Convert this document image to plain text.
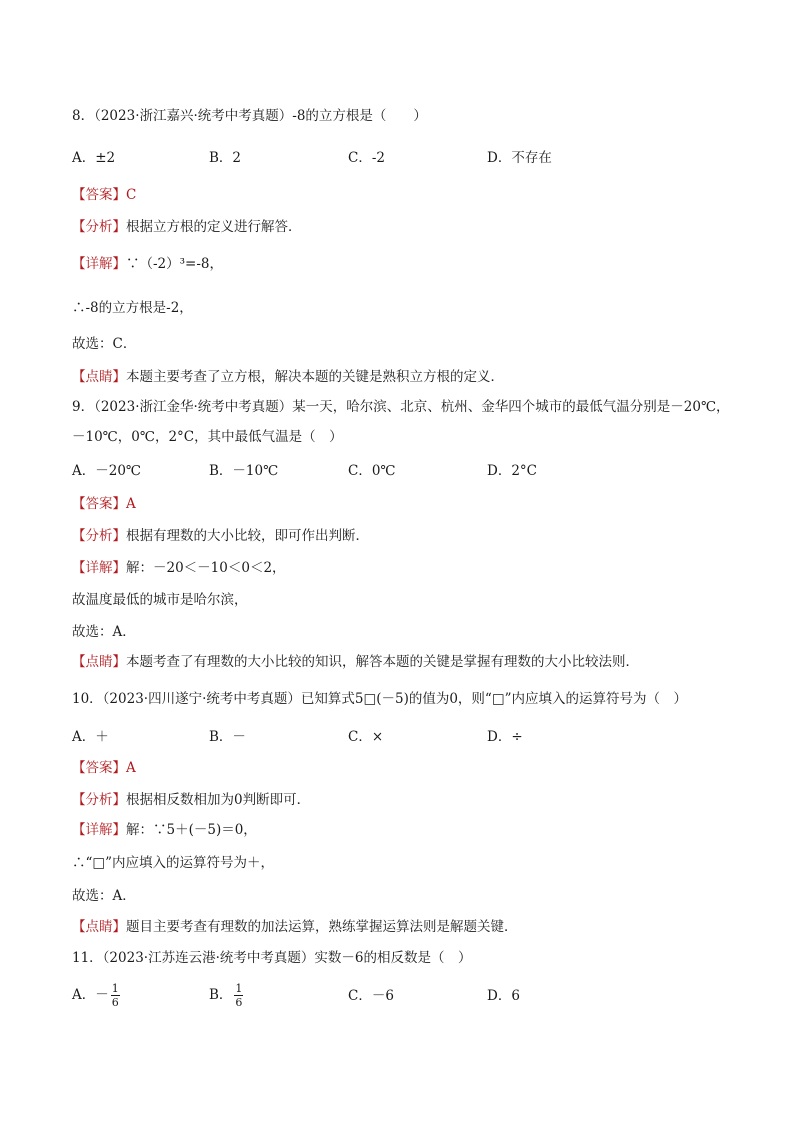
8．（2023·浙江嘉兴·统考中考真题）-8的立方根是（　　）
A．±2	B．2	C．-2	D．不存在
【答案】C
【分析】根据立方根的定义进行解答．
【详解】∵（-2）³=-8，
∴-8的立方根是-2，
故选：C．
【点睛】本题主要考查了立方根，解决本题的关键是熟积立方根的定义．
9．（2023·浙江金华·统考中考真题）某一天，哈尔滨、北京、杭州、金华四个城市的最低气温分别是－20℃，
－10℃，0℃，2°C，其中最低气温是（　）
A．－20℃	B．－10℃	C．0℃	D．2°C
【答案】A
【分析】根据有理数的大小比较，即可作出判断．
【详解】解：－20＜－10＜0＜2，
故温度最低的城市是哈尔滨，
故选：A．
【点睛】本题考查了有理数的大小比较的知识，解答本题的关键是掌握有理数的大小比较法则．
10．（2023·四川遂宁·统考中考真题）已知算式5□(－5)的值为0，则“□”内应填入的运算符号为（　）
A．＋	B．－	C．×	D．÷
【答案】A
【分析】根据相反数相加为0判断即可．
【详解】解：∵5＋(－5)＝0，
∴“□”内应填入的运算符号为＋，
故选：A．
【点睛】题目主要考查有理数的加法运算，熟练掌握运算法则是解题关键．
11．（2023·江苏连云港·统考中考真题）实数－6的相反数是（　）
A．－ $\frac{1}{6}$	B． $\frac{1}{6}$	C．－6	D．6
